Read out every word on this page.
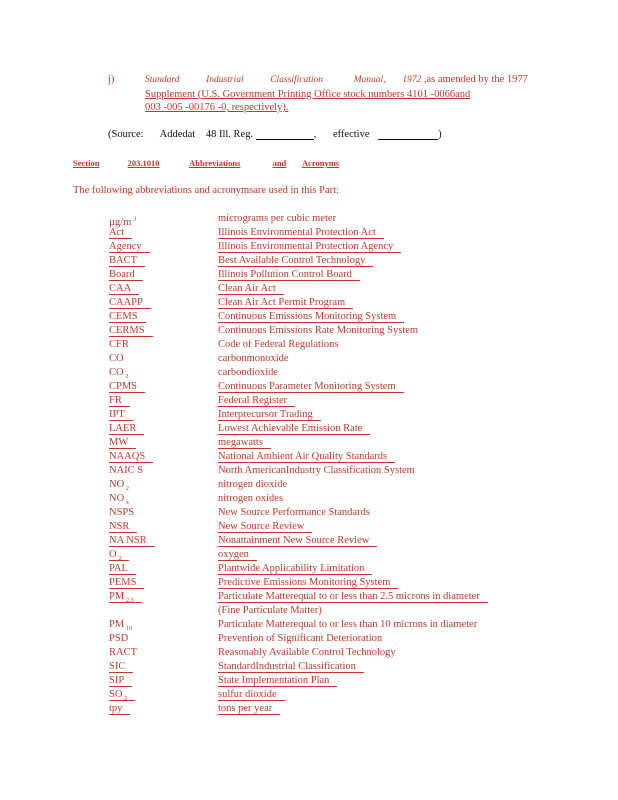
j)	Standard	Industrial	Classification	Manual, 1972 ,as amended by the 1977
Supplement (U.S. Government Printing Office stock numbers 4101 -0066and
003 -005 -00176 -0, respectively).
(Source: Addedat 48 Ill. Reg.	, effective	)
Section	203.1010	Abbreviations	and Acronyms
The following abbreviations and acronymsare used in this Part:
µg/m $^3$	micrograms per cubic meter
Act	Illinois Environmental Protection Act
Agency	Illinois Environmental Protection Agency
BACT	Best Available Control Technology
Board	Illinois Pollution Control Board
CAA	Clean Air Act
CAAPP	Clean Air Act Permit Program
CEMS	Continuous Emissions Monitoring System
CERMS	Continuous Emissions Rate Monitoring System
CFR	Code of Federal Regulations
CO	carbonmonoxide
CO $_2$	carbondioxide
CPMS	Continuous Parameter Monitoring System
FR	Federal Register
IPT	Interprecursor Trading
LAER	Lowest Achievable Emission Rate
MW	megawatts
NAAQS	National Ambient Air Quality Standards
NAIC S	North AmericanIndustry Classification System
NO $_2$	nitrogen dioxide
NO $_x$	nitrogen oxides
NSPS	New Source Performance Standards
NSR	New Source Review
NA NSR	Nonattainment New Source Review
O $_2$	oxygen
PAL	Plantwide Applicability Limitation
PEMS	Predictive Emissions Monitoring System
PM $_{2.5}$	Particulate Matterequal to or less than 2.5 microns in diameter
(Fine Particulate Matter)
PM $_{10}$	Particulate Matterequal to or less than 10 microns in diameter
PSD	Prevention of Significant Deterioration
RACT	Reasonably Available Control Technology
SIC	StandardIndustrial Classification
SIP	State Implementation Plan
SO $_2$	sulfur dioxide
tpy	tons per year
